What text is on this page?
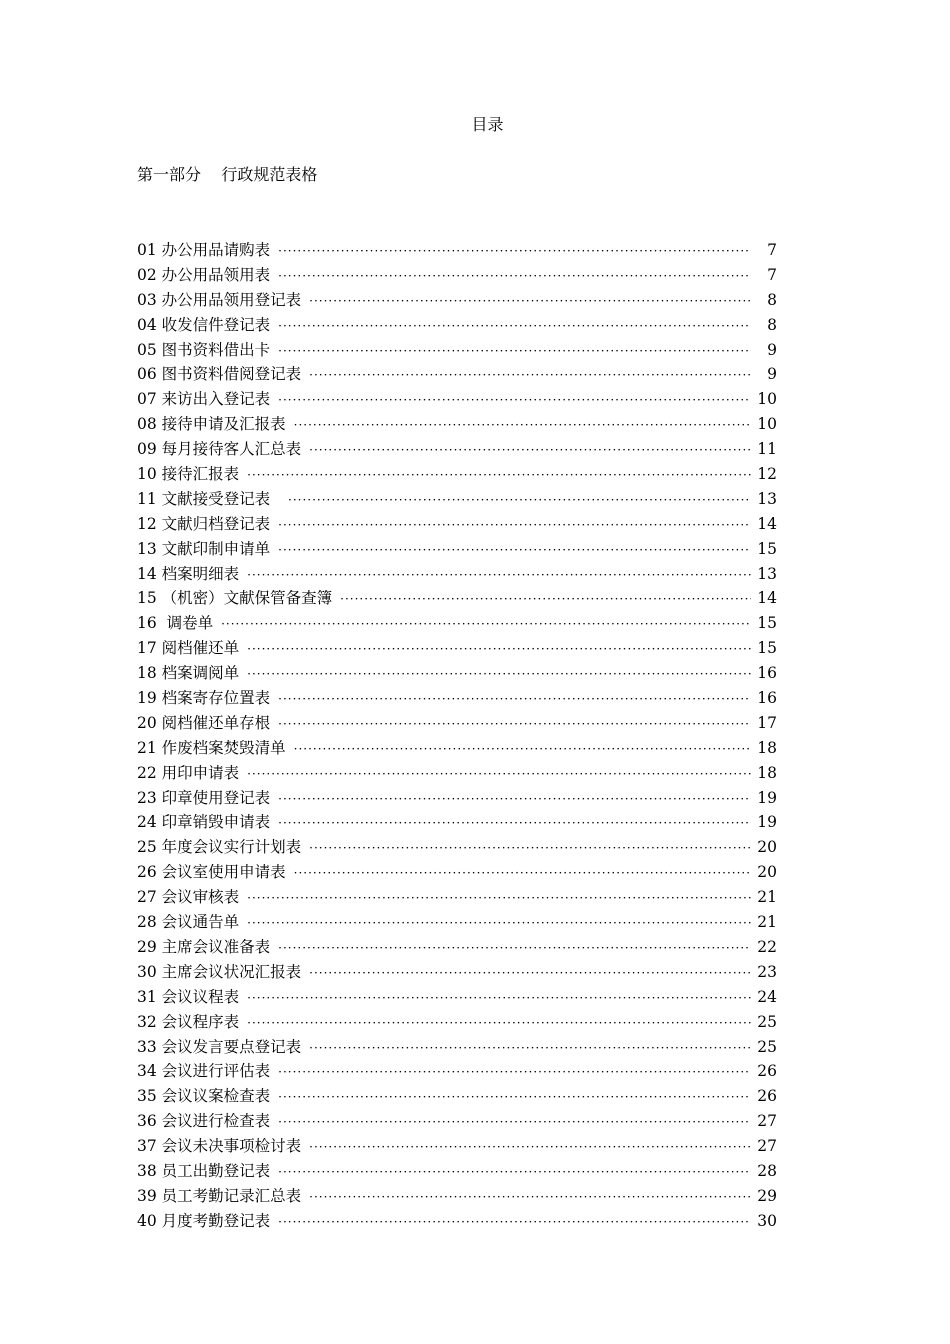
目录
第一部分    行政规范表格
01 办公用品请购表 ·····	7
02 办公用品领用表 ·····	7
03 办公用品领用登记表 ·····	8
04 收发信件登记表 ·····	8
05 图书资料借出卡 ·····	9
06 图书资料借阅登记表 ·····	9
07 来访出入登记表 ·····	10
08 接待申请及汇报表 ·····	10
09 每月接待客人汇总表 ·····	11
10 接待汇报表 ·····	12
11 文献接受登记表 ·····	13
12 文献归档登记表 ·····	14
13 文献印制申请单 ·····	15
14 档案明细表 ·····	13
15 （机密）文献保管备查簿 ·····	14
16  调卷单 ·····	15
17 阅档催还单 ·····	15
18 档案调阅单 ·····	16
19 档案寄存位置表 ·····	16
20 阅档催还单存根 ·····	17
21 作废档案焚毁清单 ·····	18
22 用印申请表 ·····	18
23 印章使用登记表 ·····	19
24 印章销毁申请表 ·····	19
25 年度会议实行计划表 ·····	20
26 会议室使用申请表 ·····	20
27 会议审核表 ·····	21
28 会议通告单 ·····	21
29 主席会议准备表 ·····	22
30 主席会议状况汇报表 ·····	23
31 会议议程表 ·····	24
32 会议程序表 ·····	25
33 会议发言要点登记表 ·····	25
34 会议进行评估表 ·····	26
35 会议议案检查表 ·····	26
36 会议进行检查表 ·····	27
37 会议未决事项检讨表 ·····	27
38 员工出勤登记表 ·····	28
39 员工考勤记录汇总表 ·····	29
40 月度考勤登记表 ·····	30
